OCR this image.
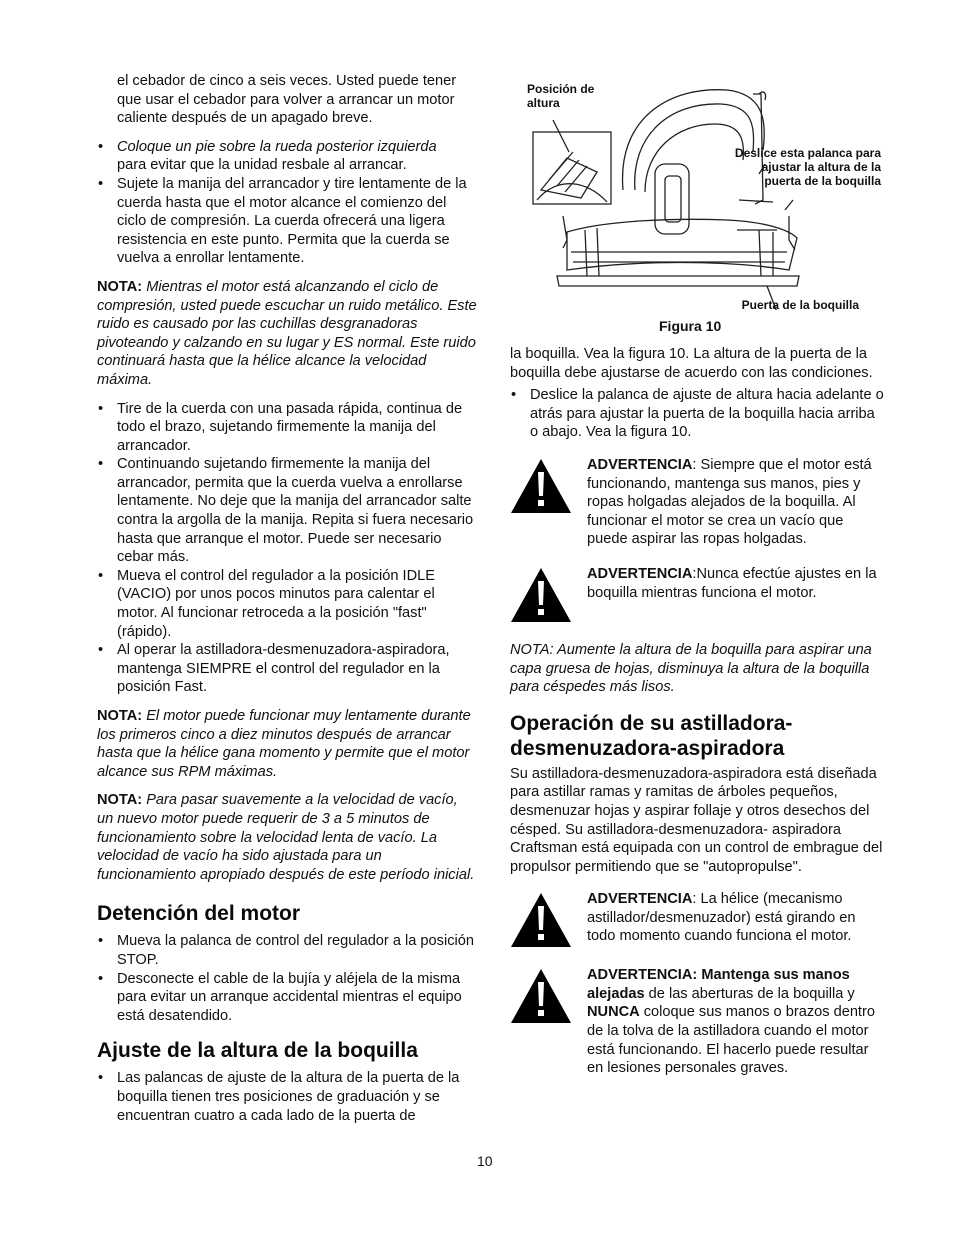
el cebador de cinco a seis veces. Usted puede tener que usar el cebador para volver a arrancar un motor caliente después de un apagado breve.

• Coloque un pie sobre la rueda posterior izquierda
para evitar que la unidad resbale al arrancar.
• Sujete la manija del arrancador y tire lentamente de la cuerda hasta que el motor alcance el comienzo del ciclo de compresión. La cuerda ofrecerá una ligera resistencia en este punto. Permita que la cuerda se vuelva a enrollar lentamente.

NOTA: Mientras el motor está alcanzando el ciclo de compresión, usted puede escuchar un ruido metálico. Este ruido es causado por las cuchillas desgranadoras pivoteando y calzando en su lugar y ES normal. Este ruido continuará hasta que la hélice alcance la velocidad máxima.

• Tire de la cuerda con una pasada rápida, continua de todo el brazo, sujetando firmemente la manija del arrancador.
• Continuando sujetando firmemente la manija del arrancador, permita que la cuerda vuelva a enrollarse lentamente. No deje que la manija del arrancador salte contra la argolla de la manija. Repita si fuera necesario hasta que arranque el motor. Puede ser necesario cebar más.
• Mueva el control del regulador a la posición IDLE (VACIO) por unos pocos minutos para calentar el motor. Al funcionar retroceda a la posición "fast" (rápido).
• Al operar la astilladora-desmenuzadora-aspiradora, mantenga SIEMPRE el control del regulador en la posición Fast.

NOTA: El motor puede funcionar muy lentamente durante los primeros cinco a diez minutos después de arrancar hasta que la hélice gana momento y permite que el motor alcance sus RPM máximas.

NOTA: Para pasar suavemente a la velocidad de vacío, un nuevo motor puede requerir de 3 a 5 minutos de funcionamiento sobre la velocidad lenta de vacío. La velocidad de vacío ha sido ajustada para un funcionamiento apropiado después de este período inicial.

Detención del motor
• Mueva la palanca de control del regulador a la posición STOP.
• Desconecte el cable de la bujía y aléjela de la misma para evitar un arranque accidental mientras el equipo está desatendido.
Ajuste de la altura de la boquilla
• Las palancas de ajuste de la altura de la puerta de la boquilla tienen tres posiciones de graduación y se encuentran cuatro a cada lado de la puerta de
Posición de altura
Deslice esta palanca para ajustar la altura de la puerta de la boquilla
Puerta de la boquilla
Figura 10

la boquilla. Vea la figura 10. La altura de la puerta de la boquilla debe ajustarse de acuerdo con las condiciones.

• Deslice la palanca de ajuste de altura hacia adelante o atrás para ajustar la puerta de la boquilla hacia arriba o abajo. Vea la figura 10.
ADVERTENCIA: Siempre que el motor está funcionando, mantenga sus manos, pies y ropas holgadas alejados de la boquilla. Al funcionar el motor se crea un vacío que puede aspirar las ropas holgadas.
ADVERTENCIA:Nunca efectúe ajustes en la boquilla mientras funciona el motor.

NOTA: Aumente la altura de la boquilla para aspirar una capa gruesa de hojas, disminuya la altura de la boquilla para céspedes más lisos.

Operación de su astilladora-desmenuzadora-aspiradora

Su astilladora-desmenuzadora-aspiradora está diseñada para astillar ramas y ramitas de árboles pequeños, desmenuzar hojas y aspirar follaje y otros desechos del césped. Su astilladora-desmenuzadora- aspiradora Craftsman está equipada con un control de embrague del propulsor permitiendo que se "autopropulse".

ADVERTENCIA: La hélice (mecanismo astillador/desmenuzador) está girando en todo momento cuando funciona el motor.
ADVERTENCIA: Mantenga sus manos alejadas de las aberturas de la boquilla y NUNCA coloque sus manos o brazos dentro de la tolva de la astilladora cuando el motor está funcionando. El hacerlo puede resultar en lesiones personales graves.
10
